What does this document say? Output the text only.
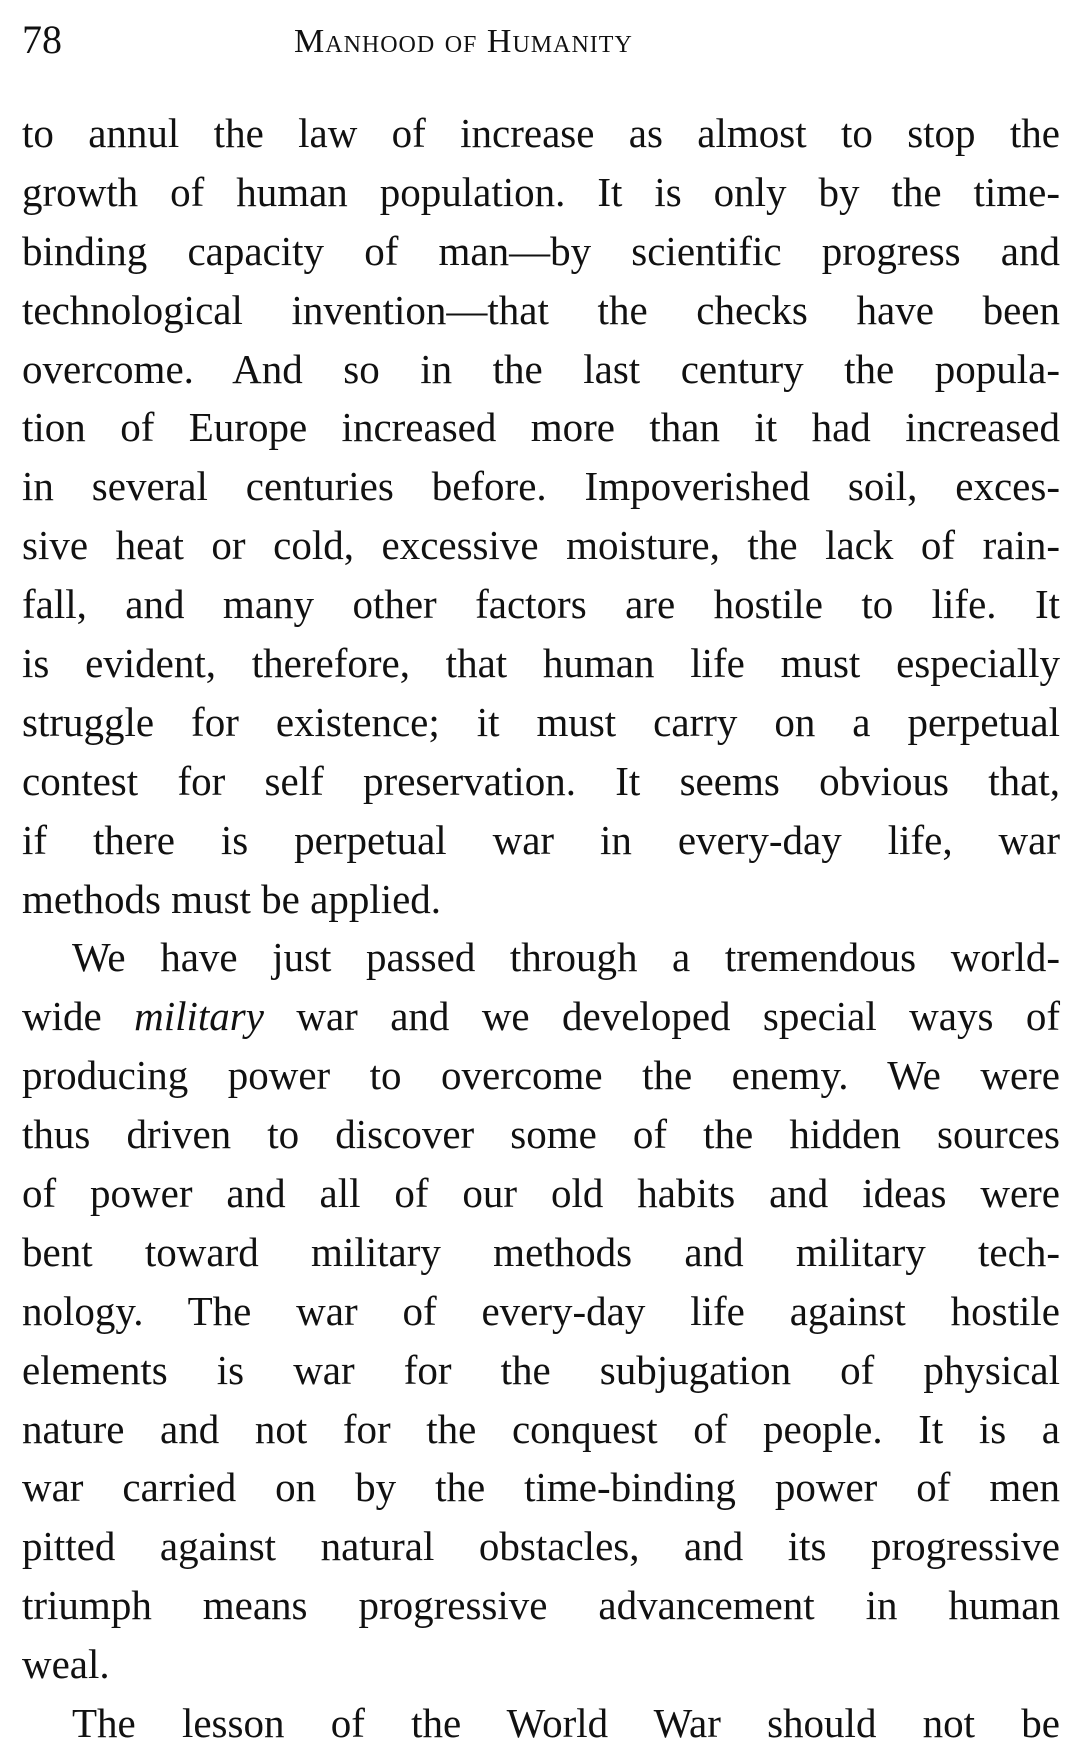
78	Manhood of Humanity
to annul the law of increase as almost to stop the
growth of human population. It is only by the time-
binding capacity of man—by scientific progress and
technological invention—that the checks have been
overcome. And so in the last century the popula-
tion of Europe increased more than it had increased
in several centuries before. Impoverished soil, exces-
sive heat or cold, excessive moisture, the lack of rain-
fall, and many other factors are hostile to life. It
is evident, therefore, that human life must especially
struggle for existence; it must carry on a perpetual
contest for self preservation. It seems obvious that,
if there is perpetual war in every-day life, war
methods must be applied.
We have just passed through a tremendous world-
wide military war and we developed special ways of
producing power to overcome the enemy. We were
thus driven to discover some of the hidden sources
of power and all of our old habits and ideas were
bent toward military methods and military tech-
nology. The war of every-day life against hostile
elements is war for the subjugation of physical
nature and not for the conquest of people. It is a
war carried on by the time-binding power of men
pitted against natural obstacles, and its progressive
triumph means progressive advancement in human
weal.
The lesson of the World War should not be
